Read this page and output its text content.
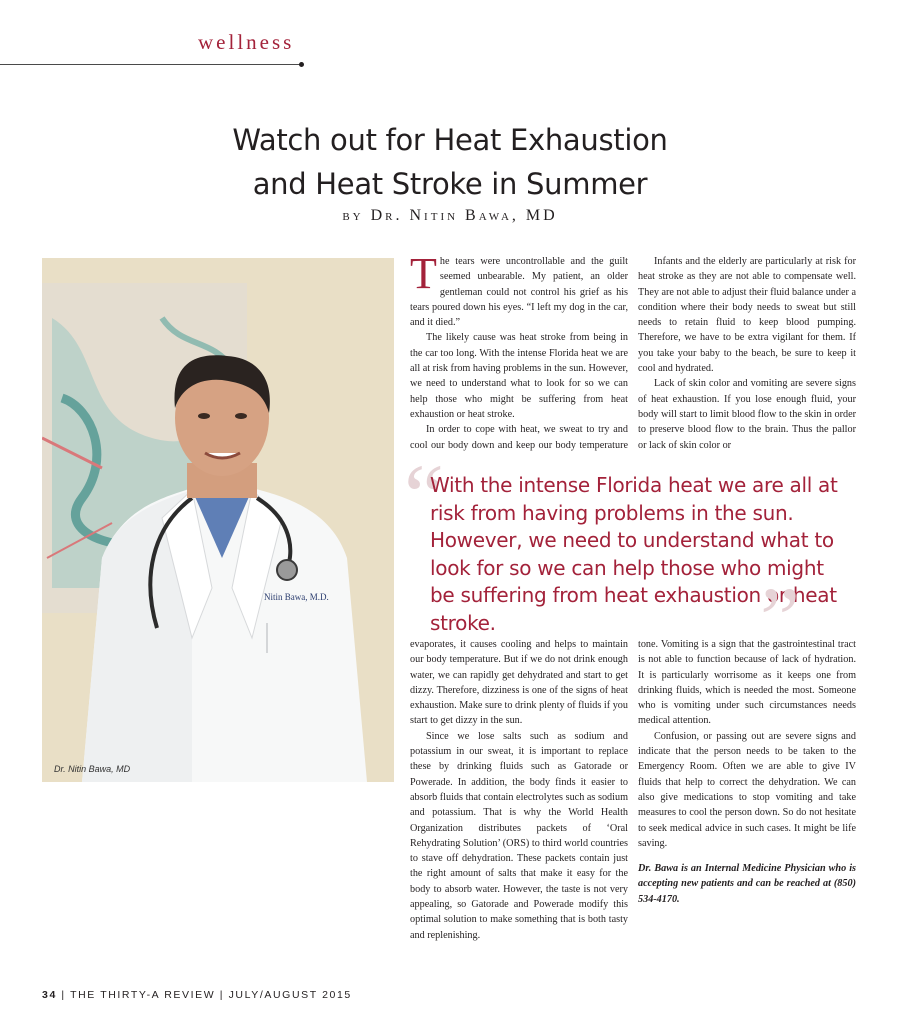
wellness
Watch out for Heat Exhaustion
and Heat Stroke in Summer
by Dr. Nitin Bawa, MD
Nitin Bawa, M.D.
Dr. Nitin Bawa, MD

The tears were uncontrollable and the guilt seemed unbearable. My patient, an older gentleman could not control his grief as his tears poured down his eyes. “I left my dog in the car, and it died.”

The likely cause was heat stroke from being in the car too long. With the intense Florida heat we are all at risk from having problems in the sun. However, we need to understand what to look for so we can help those who might be suffering from heat exhaustion or heat stroke.

In order to cope with heat, we sweat to try and cool our body down and keep our body temperature

Infants and the elderly are particularly at risk for heat stroke as they are not able to compensate well. They are not able to adjust their fluid balance under a condition where their body needs to sweat but still needs to retain fluid to keep blood pumping. Therefore, we have to be extra vigilant for them. If you take your baby to the beach, be sure to keep it cool and hydrated.

Lack of skin color and vomiting are severe signs of heat exhaustion. If you lose enough fluid, your body will start to limit blood flow to the skin in order to preserve blood flow to the brain. Thus the pallor or lack of skin color or

“
With the intense Florida heat we are all at risk from having problems in the sun. However, we need to understand what to look for so we can help those who might be suffering from heat exhaustion or heat stroke.	”

evaporates, it causes cooling and helps to maintain our body temperature. But if we do not drink enough water, we can rapidly get dehydrated and start to get dizzy. Therefore, dizziness is one of the signs of heat exhaustion. Make sure to drink plenty of fluids if you start to get dizzy in the sun.

Since we lose salts such as sodium and potassium in our sweat, it is important to replace these by drinking fluids such as Gatorade or Powerade. In addition, the body finds it easier to absorb fluids that contain electrolytes such as sodium and potassium. That is why the World Health Organization distributes packets of ‘Oral Rehydrating Solution’ (ORS) to third world countries to stave off dehydration. These packets contain just the right amount of salts that make it easy for the body to absorb water. However, the taste is not very appealing, so Gatorade and Powerade modify this optimal solution to make something that is both tasty and replenishing.

tone. Vomiting is a sign that the gastrointestinal tract is not able to function because of lack of hydration. It is particularly worrisome as it keeps one from drinking fluids, which is needed the most. Someone who is vomiting under such circumstances needs medical attention.

Confusion, or passing out are severe signs and indicate that the person needs to be taken to the Emergency Room. Often we are able to give IV fluids that help to correct the dehydration. We can also give medications to stop vomiting and take measures to cool the person down. So do not hesitate to seek medical advice in such cases. It might be life saving.

Dr. Bawa is an Internal Medicine Physician who is accepting new patients and can be reached at (850) 534-4170.

34 | THE THIRTY-A REVIEW | JULY/AUGUST 2015
